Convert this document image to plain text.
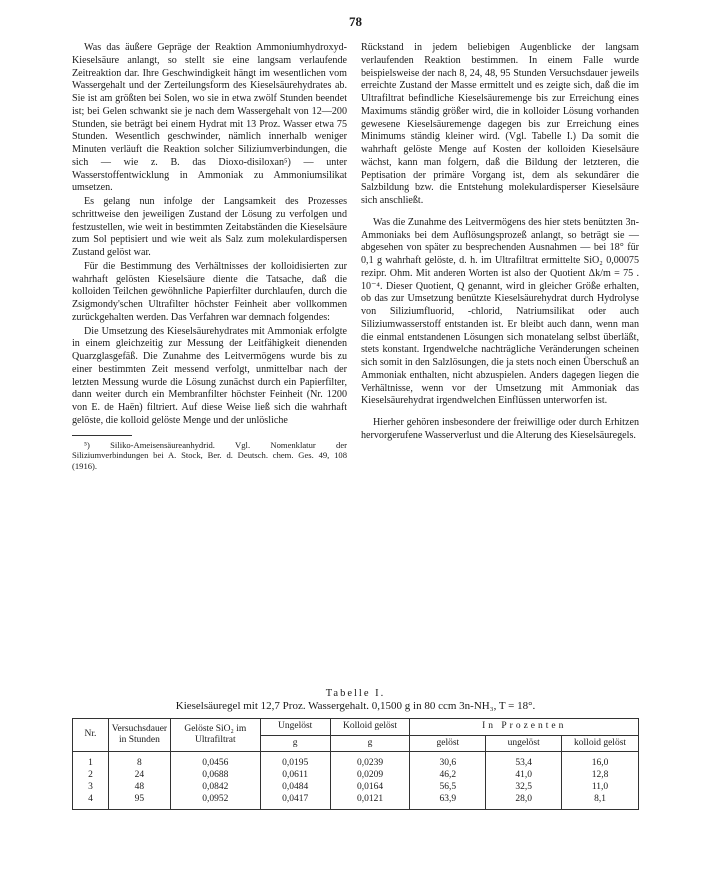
78

Was das äußere Gepräge der Reaktion Ammoniumhydroxyd-Kieselsäure anlangt, so stellt sie eine langsam verlaufende Zeitreaktion dar. Ihre Geschwindigkeit hängt im wesentlichen vom Wassergehalt und der Zerteilungsform des Kieselsäurehydrates ab. Sie ist am größten bei Solen, wo sie in etwa zwölf Stunden beendet ist; bei Gelen schwankt sie je nach dem Wassergehalt von 12—200 Stunden, sie beträgt bei einem Hydrat mit 13 Proz. Wasser etwa 75 Stunden. Wesentlich geschwinder, nämlich innerhalb weniger Minuten verläuft die Reaktion solcher Siliziumverbindungen, die sich — wie z. B. das Dioxo-disiloxan⁵) — unter Wasserstoffentwicklung in Ammoniak zu Ammoniumsilikat umsetzen.

Es gelang nun infolge der Langsamkeit des Prozesses schrittweise den jeweiligen Zustand der Lösung zu verfolgen und festzustellen, wie weit in bestimmten Zeitabständen die Kieselsäure zum Sol peptisiert und wie weit als Salz zum molekulardispersen Zustand gelöst war.

Für die Bestimmung des Verhältnisses der kolloidisierten zur wahrhaft gelösten Kieselsäure diente die Tatsache, daß die kolloiden Teilchen gewöhnliche Papierfilter durchlaufen, durch die Zsigmondy'schen Ultrafilter höchster Feinheit aber vollkommen zurückgehalten werden. Das Verfahren war demnach folgendes:

Die Umsetzung des Kieselsäurehydrates mit Ammoniak erfolgte in einem gleichzeitig zur Messung der Leitfähigkeit dienenden Quarzglasgefäß. Die Zunahme des Leitvermögens wurde bis zu einer bestimmten Zeit messend verfolgt, unmittelbar nach der letzten Messung wurde die Lösung zunächst durch ein Papierfilter, dann weiter durch ein Membranfilter höchster Feinheit (Nr. 1200 von E. de Haën) filtriert. Auf diese Weise ließ sich die wahrhaft gelöste, die kolloid gelöste Menge und der unlösliche

⁵) Siliko-Ameisensäureanhydrid. Vgl. Nomenklatur der Siliziumverbindungen bei A. Stock, Ber. d. Deutsch. chem. Ges. 49, 108 (1916).

Rückstand in jedem beliebigen Augenblicke der langsam verlaufenden Reaktion bestimmen. In einem Falle wurde beispielsweise der nach 8, 24, 48, 95 Stunden Versuchsdauer jeweils erreichte Zustand der Masse ermittelt und es zeigte sich, daß die im Ultrafiltrat befindliche Kieselsäuremenge bis zur Erreichung eines Maximums ständig größer wird, die in kolloider Lösung vorhanden gewesene Kieselsäuremenge dagegen bis zur Erreichung eines Minimums ständig kleiner wird. (Vgl. Tabelle I.) Da somit die wahrhaft gelöste Menge auf Kosten der kolloiden Kieselsäure wächst, kann man folgern, daß die Bildung der letzteren, die Peptisation der primäre Vorgang ist, dem als sekundärer die Salzbildung bzw. die Entstehung molekulardisperser Kieselsäure sich anschließt.

Was die Zunahme des Leitvermögens des hier stets benützten 3n-Ammoniaks bei dem Auflösungsprozeß anlangt, so beträgt sie — abgesehen von später zu besprechenden Ausnahmen — bei 18° für 0,1 g wahrhaft gelöste, d. h. im Ultrafiltrat ermittelte SiO₂ 0,00075 rezipr. Ohm. Mit anderen Worten ist also der Quotient Δk/m = 75 . 10⁻⁴. Dieser Quotient, Q genannt, wird in gleicher Größe erhalten, ob das zur Umsetzung benützte Kieselsäurehydrat durch Hydrolyse von Siliziumfluorid, -chlorid, Natriumsilikat oder auch Siliziumwasserstoff entstanden ist. Er bleibt auch dann, wenn man die einmal entstandenen Lösungen sich monatelang selbst überläßt, stets konstant. Irgendwelche nachträgliche Veränderungen scheinen sich somit in den Salzlösungen, die ja stets noch einen Überschuß an Ammoniak enthalten, nicht abzuspielen. Anders dagegen liegen die Verhältnisse, wenn vor der Umsetzung mit Ammoniak das Kieselsäurehydrat irgendwelchen Einflüssen unterworfen ist.

Hierher gehören insbesondere der freiwillige oder durch Erhitzen hervorgerufene Wasserverlust und die Alterung des Kieselsäuregels.

Tabelle I.
Kieselsäuregel mit 12,7 Proz. Wassergehalt. 0,1500 g in 80 ccm 3n-NH₃, T = 18°.
Nr.	Versuchsdauer in Stunden	Gelöste SiO₂ im Ultrafiltrat	Ungelöst	Kolloid gelöst	In Prozenten		
			g	g	gelöst	ungelöst	kolloid gelöst
1	8	0,0456	0,0195	0,0239	30,6	53,4	16,0
2	24	0,0688	0,0611	0,0209	46,2	41,0	12,8
3	48	0,0842	0,0484	0,0164	56,5	32,5	11,0
4	95	0,0952	0,0417	0,0121	63,9	28,0	8,1
